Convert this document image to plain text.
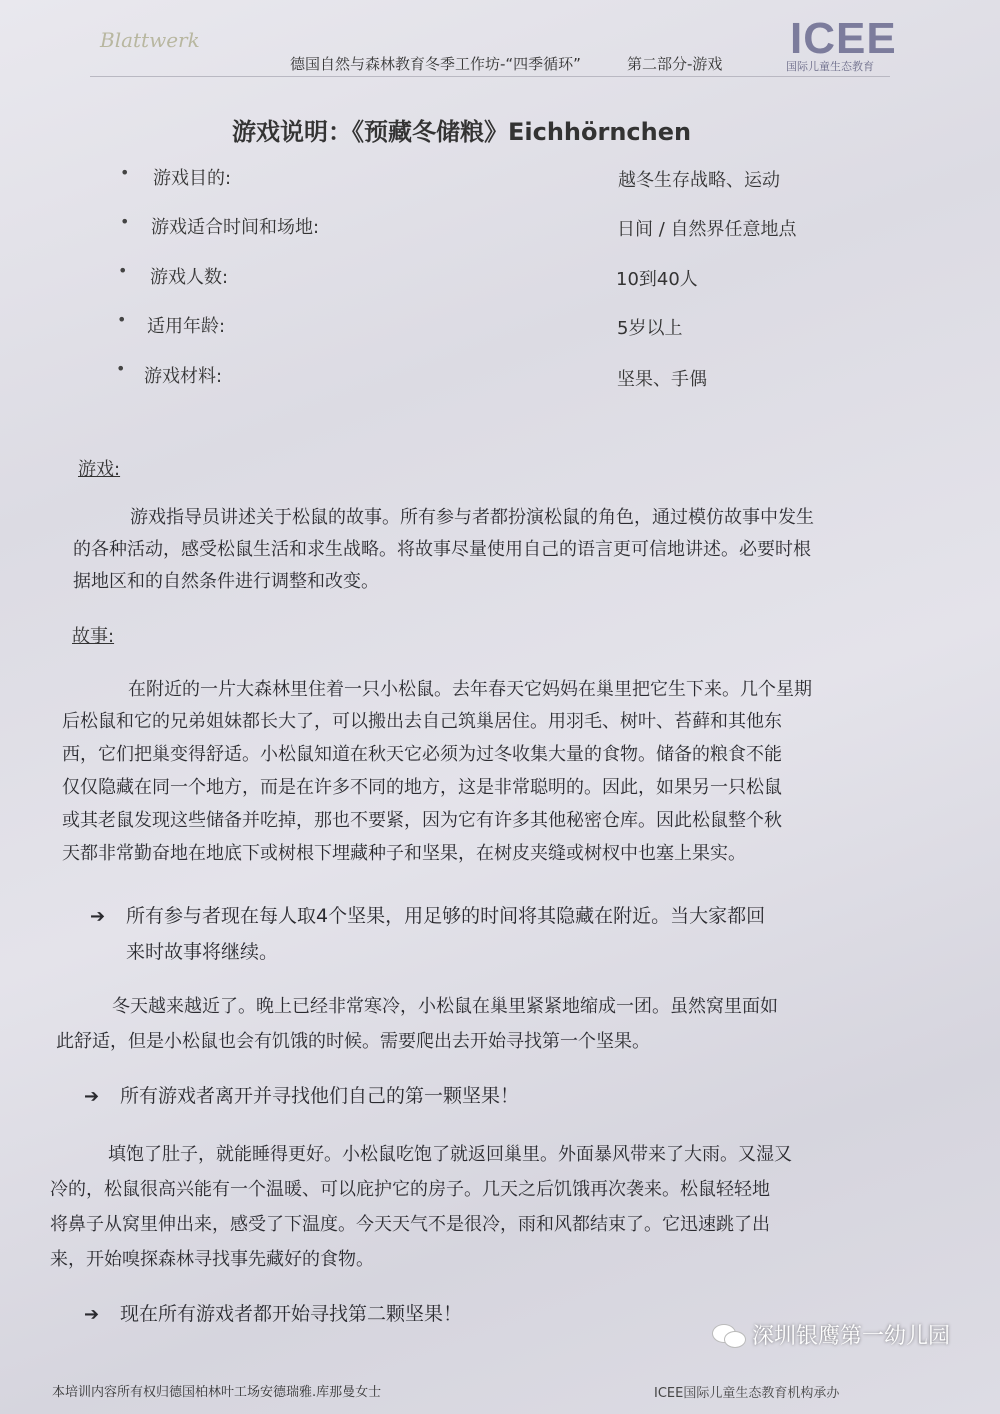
Blattwerk
德国自然与森林教育冬季工作坊-“四季循环”	第二部分-游戏
ICEE
国际儿童生态教育
游戏说明：《预藏冬储粮》Eichhörnchen
• 游戏目的:	越冬生存战略、运动
• 游戏适合时间和场地:	日间 / 自然界任意地点
• 游戏人数:	10到40人
• 适用年龄:	5岁以上
• 游戏材料:	坚果、手偶
游戏:
游戏指导员讲述关于松鼠的故事。所有参与者都扮演松鼠的角色，通过模仿故事中发生
的各种活动，感受松鼠生活和求生战略。将故事尽量使用自己的语言更可信地讲述。必要时根
据地区和的自然条件进行调整和改变。
故事:
在附近的一片大森林里住着一只小松鼠。去年春天它妈妈在巢里把它生下来。几个星期
后松鼠和它的兄弟姐妹都长大了，可以搬出去自己筑巢居住。用羽毛、树叶、苔藓和其他东
西，它们把巢变得舒适。小松鼠知道在秋天它必须为过冬收集大量的食物。储备的粮食不能
仅仅隐藏在同一个地方，而是在许多不同的地方，这是非常聪明的。因此，如果另一只松鼠
或其老鼠发现这些储备并吃掉，那也不要紧，因为它有许多其他秘密仓库。因此松鼠整个秋
天都非常勤奋地在地底下或树根下埋藏种子和坚果，在树皮夹缝或树杈中也塞上果实。
➔ 所有参与者现在每人取4个坚果，用足够的时间将其隐藏在附近。当大家都回
来时故事将继续。
冬天越来越近了。晚上已经非常寒冷，小松鼠在巢里紧紧地缩成一团。虽然窝里面如
此舒适，但是小松鼠也会有饥饿的时候。需要爬出去开始寻找第一个坚果。
➔ 所有游戏者离开并寻找他们自己的第一颗坚果！
填饱了肚子，就能睡得更好。小松鼠吃饱了就返回巢里。外面暴风带来了大雨。又湿又
冷的，松鼠很高兴能有一个温暖、可以庇护它的房子。几天之后饥饿再次袭来。松鼠轻轻地
将鼻子从窝里伸出来，感受了下温度。今天天气不是很冷，雨和风都结束了。它迅速跳了出
来，开始嗅探森林寻找事先藏好的食物。
➔ 现在所有游戏者都开始寻找第二颗坚果！
深圳银鹰第一幼儿园
本培训内容所有权归德国柏林叶工场安德瑞雅.库那曼女士	ICEE国际儿童生态教育机构承办
